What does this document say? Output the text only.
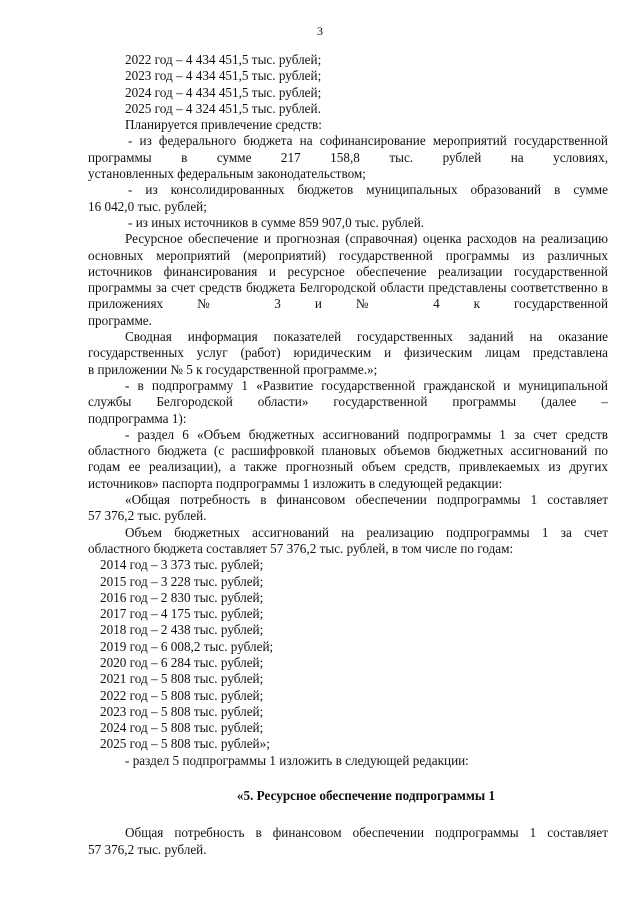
3

2022 год – 4 434 451,5 тыс. рублей;

2023 год – 4 434 451,5 тыс. рублей;

2024 год – 4 434 451,5 тыс. рублей;

2025 год – 4 324 451,5 тыс. рублей.

Планируется привлечение средств:

- из федерального бюджета на софинансирование мероприятий государственной программы в сумме 217 158,8 тыс. рублей на условиях,

установленных федеральным законодательством;

- из консолидированных бюджетов муниципальных образований в сумме

16 042,0 тыс. рублей;

- из иных источников в сумме 859 907,0 тыс. рублей.

Ресурсное обеспечение и прогнозная (справочная) оценка расходов на реализацию основных мероприятий (мероприятий) государственной программы из различных источников финансирования и ресурсное обеспечение реализации государственной программы за счет средств бюджета Белгородской области представлены соответственно в приложениях № 3 и № 4 к государственной

программе.

Сводная информация показателей государственных заданий на оказание государственных услуг (работ) юридическим и физическим лицам представлена

в приложении № 5 к государственной программе.»;

- в подпрограмму 1 «Развитие государственной гражданской и муниципальной службы Белгородской области» государственной программы (далее –

подпрограмма 1):

- раздел 6 «Объем бюджетных ассигнований подпрограммы 1 за счет средств областного бюджета (с расшифровкой плановых объемов бюджетных ассигнований по годам ее реализации), а также прогнозный объем средств, привлекаемых из других

источников» паспорта подпрограммы 1 изложить в следующей редакции:

«Общая потребность в финансовом обеспечении подпрограммы 1 составляет

57 376,2 тыс. рублей.

Объем бюджетных ассигнований на реализацию подпрограммы 1 за счет

областного бюджета составляет 57 376,2 тыс. рублей, в том числе по годам:

2014 год – 3 373 тыс. рублей;

2015 год – 3 228 тыс. рублей;

2016 год – 2 830 тыс. рублей;

2017 год – 4 175 тыс. рублей;

2018 год – 2 438 тыс. рублей;

2019 год – 6 008,2 тыс. рублей;

2020 год – 6 284 тыс. рублей;

2021 год – 5 808 тыс. рублей;

2022 год – 5 808 тыс. рублей;

2023 год – 5 808 тыс. рублей;

2024 год – 5 808 тыс. рублей;

2025 год – 5 808 тыс. рублей»;

- раздел 5 подпрограммы 1 изложить в следующей редакции:

«5. Ресурсное обеспечение подпрограммы 1

Общая потребность в финансовом обеспечении подпрограммы 1 составляет

57 376,2 тыс. рублей.
